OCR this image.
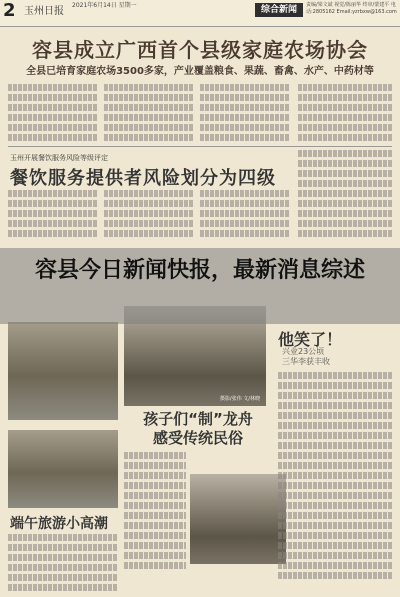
2 玉州日报
2021年6月14日 星期一	综合新闻	责编/梁文斌 视觉/陈丽华 终审/蒙建平 电话:2805162 Email:yzrbxw@163.com
容县成立广西首个县级家庭农场协会
全县已培育家庭农场3500多家，产业覆盖粮食、果蔬、畜禽、水产、中药材等
玉州开展餐饮服务风险等级评定
餐饮服务提供者风险划分为四级
摄影/张伟 文/林晓
容县今日新闻快报，最新消息综述
他笑了！
兴业23公顷
三华李获丰收
孩子们“制”龙舟
感受传统民俗
端午旅游小高潮
